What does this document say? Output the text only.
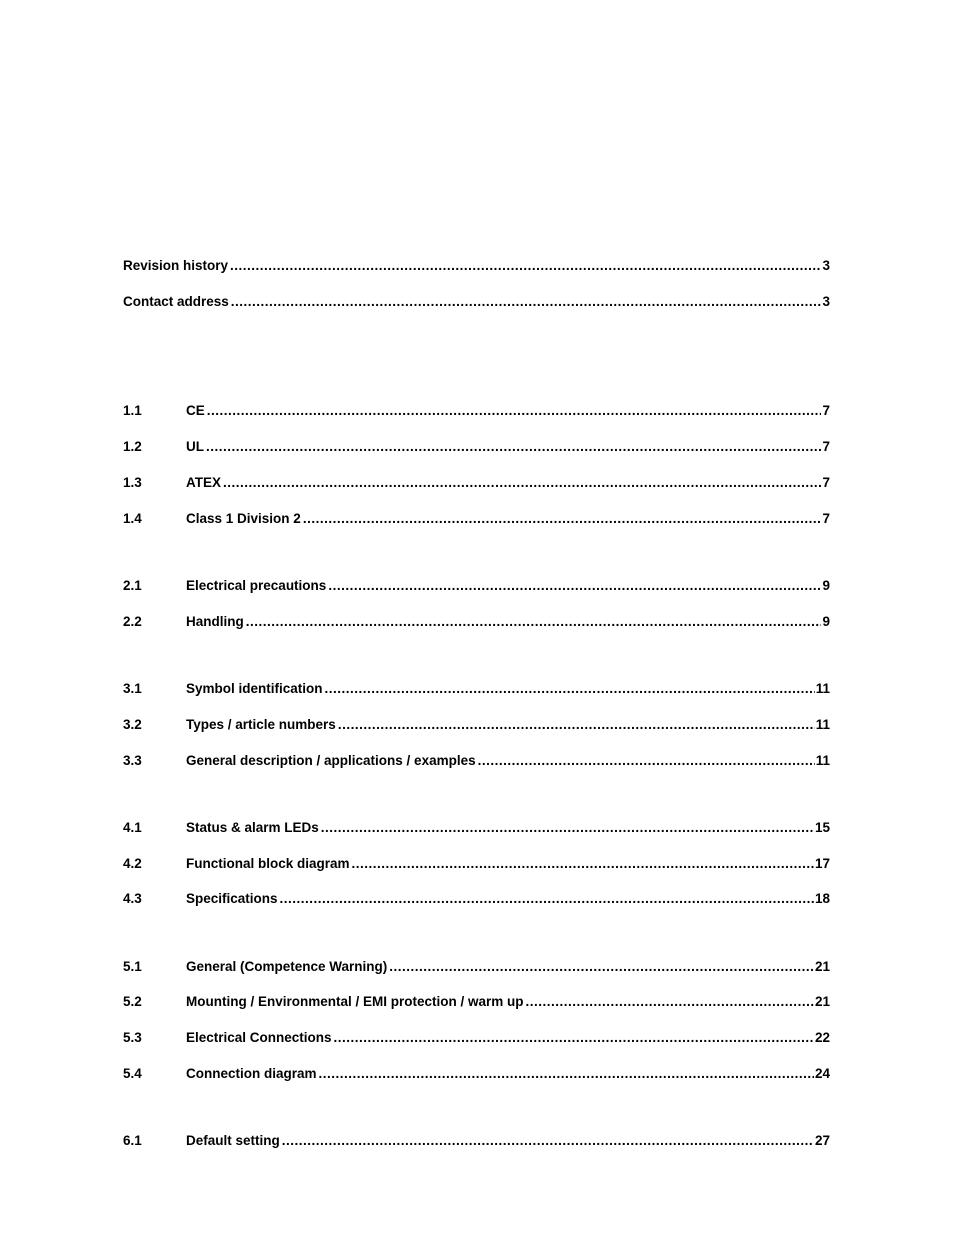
Revision history .....	3
Contact address .....	3
1.1	CE .....	7
1.2	UL .....	7
1.3	ATEX .....	7
1.4	Class 1 Division 2 .....	7
2.1	Electrical precautions .....	9
2.2	Handling .....	9
3.1	Symbol identification .....	11
3.2	Types / article numbers .....	11
3.3	General description / applications / examples .....	11
4.1	Status & alarm LEDs .....	15
4.2	Functional block diagram .....	17
4.3	Specifications .....	18
5.1	General (Competence Warning) .....	21
5.2	Mounting / Environmental / EMI protection / warm up .....	21
5.3	Electrical Connections .....	22
5.4	Connection diagram .....	24
6.1	Default setting .....	27
